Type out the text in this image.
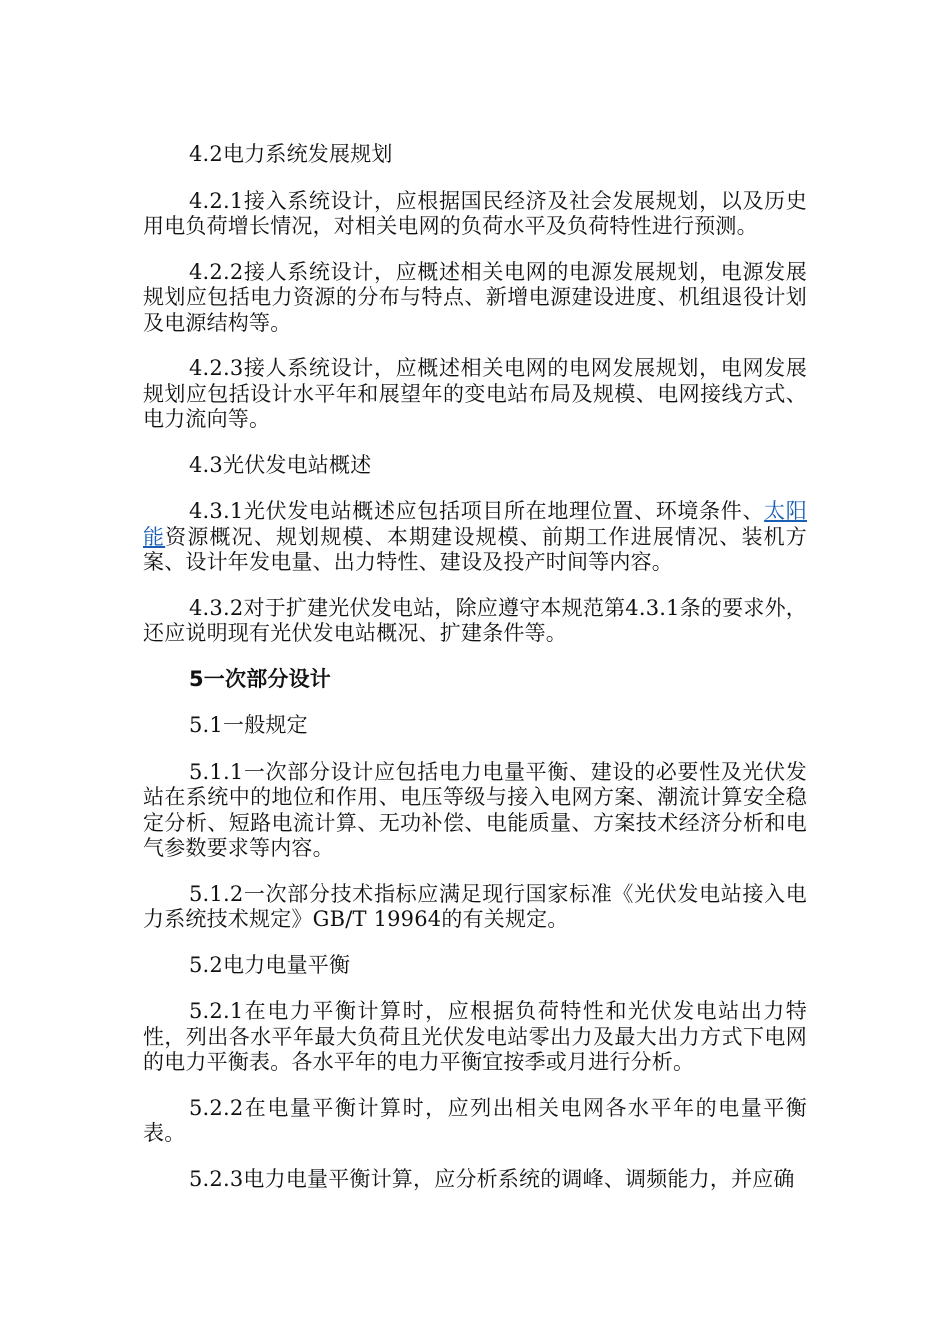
4.2电力系统发展规划

4.2.1接入系统设计，应根据国民经济及社会发展规划，以及历史用电负荷增长情况，对相关电网的负荷水平及负荷特性进行预测。

4.2.2接人系统设计，应概述相关电网的电源发展规划，电源发展规划应包括电力资源的分布与特点、新增电源建设进度、机组退役计划及电源结构等。

4.2.3接人系统设计，应概述相关电网的电网发展规划，电网发展规划应包括设计水平年和展望年的变电站布局及规模、电网接线方式、电力流向等。

4.3光伏发电站概述

4.3.1光伏发电站概述应包括项目所在地理位置、环境条件、太阳能资源概况、规划规模、本期建设规模、前期工作进展情况、装机方案、设计年发电量、出力特性、建设及投产时间等内容。

4.3.2对于扩建光伏发电站，除应遵守本规范第4.3.1条的要求外，还应说明现有光伏发电站概况、扩建条件等。

5一次部分设计

5.1一般规定

5.1.1一次部分设计应包括电力电量平衡、建设的必要性及光伏发站在系统中的地位和作用、电压等级与接入电网方案、潮流计算安全稳定分析、短路电流计算、无功补偿、电能质量、方案技术经济分析和电气参数要求等内容。

5.1.2一次部分技术指标应满足现行国家标准《光伏发电站接入电力系统技术规定》GB/T 19964的有关规定。

5.2电力电量平衡

5.2.1在电力平衡计算时，应根据负荷特性和光伏发电站出力特性，列出各水平年最大负荷且光伏发电站零出力及最大出力方式下电网的电力平衡表。各水平年的电力平衡宜按季或月进行分析。

5.2.2在电量平衡计算时，应列出相关电网各水平年的电量平衡表。

5.2.3电力电量平衡计算，应分析系统的调峰、调频能力，并应确
